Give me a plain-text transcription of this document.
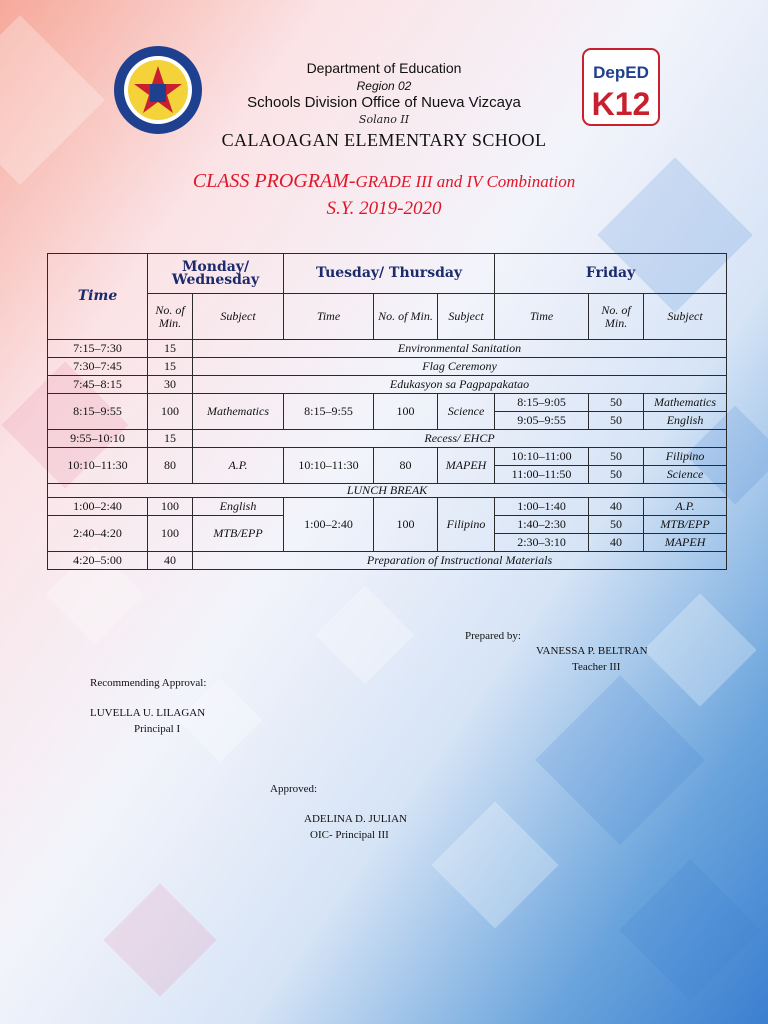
Department of Education
Region 02
Schools Division Office of Nueva Vizcaya
Solano II
CALAOAGAN ELEMENTARY SCHOOL
DepED
K12
CLASS PROGRAM-GRADE III and IV Combination
S.Y. 2019-2020
Time	Monday/ Wednesday		Tuesday/ Thursday			Friday		
	No. of Min.	Subject	Time	No. of Min.	Subject	Time	No. of Min.	Subject
7:15–7:30	15	Environmental Sanitation						
7:30–7:45	15	Flag Ceremony						
7:45–8:15	30	Edukasyon sa Pagpapakatao						
8:15–9:55	100	Mathematics	8:15–9:55	100	Science	8:15–9:05	50	Mathematics
						9:05–9:55	50	English
9:55–10:10	15	Recess/ EHCP						
10:10–11:30	80	A.P.	10:10–11:30	80	MAPEH	10:10–11:00	50	Filipino
						11:00–11:50	50	Science
LUNCH BREAK								
1:00–2:40	100	English	1:00–2:40	100	Filipino	1:00–1:40	40	A.P.
2:40–4:20	100	MTB/EPP				1:40–2:30	50	MTB/EPP
						2:30–3:10	40	MAPEH
4:20–5:00	40	Preparation of Instructional Materials						
Prepared by:
VANESSA P. BELTRAN
Teacher III
Recommending Approval:
LUVELLA U. LILAGAN
Principal I
Approved:
ADELINA D. JULIAN
OIC- Principal III
